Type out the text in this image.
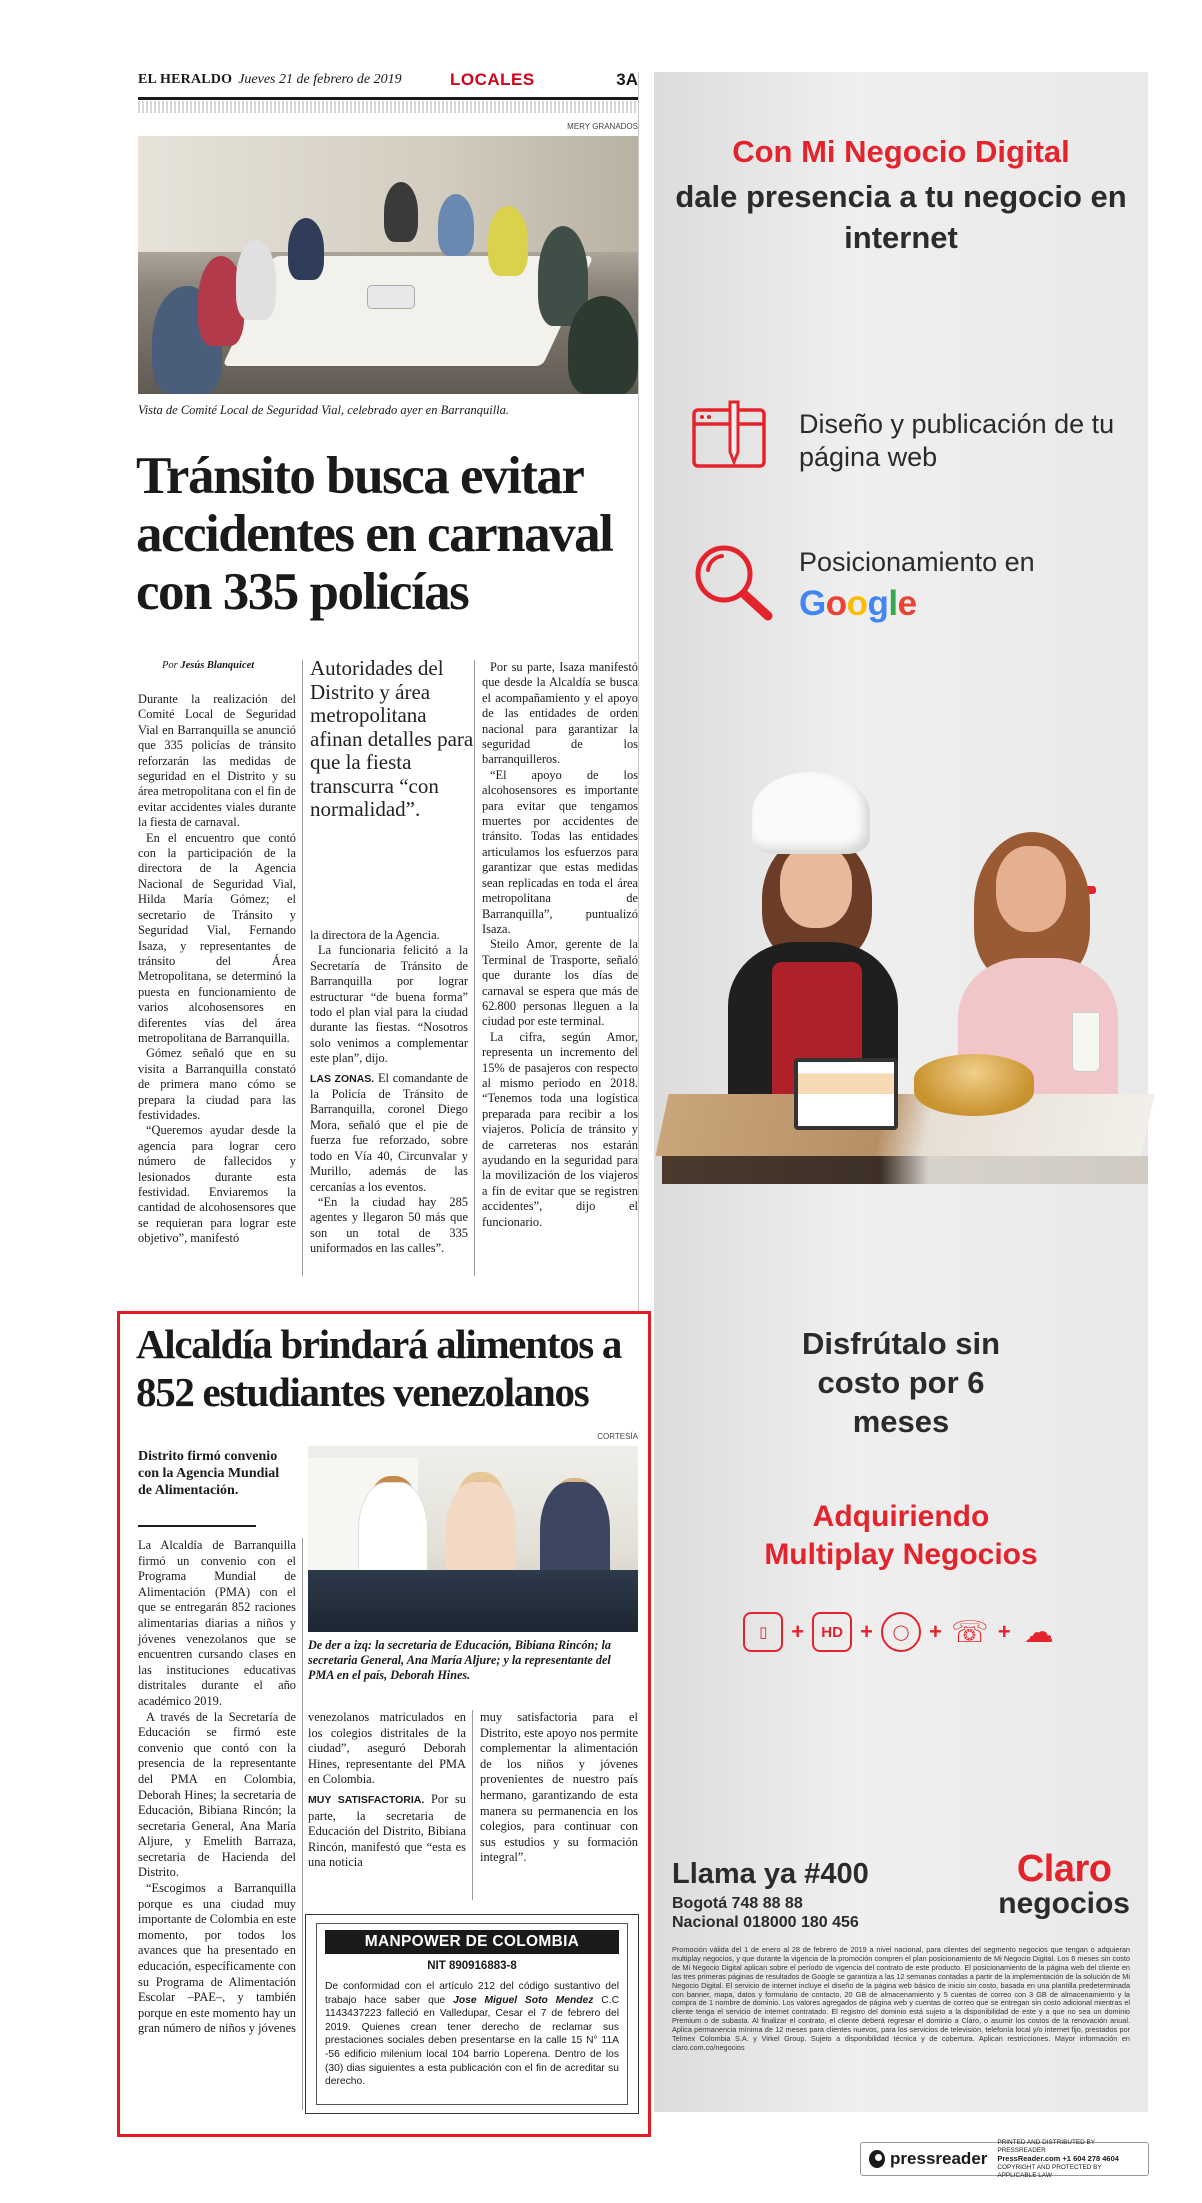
EL HERALDO Jueves 21 de febrero de 2019	LOCALES	3A
MERY GRANADOS
Vista de Comité Local de Seguridad Vial, celebrado ayer en Barranquilla.
Tránsito busca evitar accidentes en carnaval con 335 policías
Por Jesús Blanquicet

Durante la realización del Comité Local de Seguridad Vial en Barranquilla se anunció que 335 policías de tránsito reforzarán las medidas de seguridad en el Distrito y su área metropolitana con el fin de evitar accidentes viales durante la fiesta de carnaval.

En el encuentro que contó con la participación de la directora de la Agencia Nacional de Seguridad Vial, Hilda María Gómez; el secretario de Tránsito y Seguridad Vial, Fernando Isaza, y representantes de tránsito del Área Metropolitana, se determinó la puesta en funcionamiento de varios alcohosensores en diferentes vías del área metropolitana de Barranquilla.

Gómez señaló que en su visita a Barranquilla constató de primera mano cómo se prepara la ciudad para las festividades.

“Queremos ayudar desde la agencia para lograr cero número de fallecidos y lesionados durante esta festividad. Enviaremos la cantidad de alcohosensores que se requieran para lograr este objetivo”, manifestó

Autoridades del Distrito y área metropolitana afinan detalles para que la fiesta transcurra “con normalidad”.

la directora de la Agencia.

La funcionaria felicitó a la Secretaría de Tránsito de Barranquilla por lograr estructurar “de buena forma” todo el plan vial para la ciudad durante las fiestas. “Nosotros solo venimos a complementar este plan”, dijo.

LAS ZONAS. El comandante de la Policía de Tránsito de Barranquilla, coronel Diego Mora, señaló que el pie de fuerza fue reforzado, sobre todo en Vía 40, Circunvalar y Murillo, además de las cercanías a los eventos.

“En la ciudad hay 285 agentes y llegaron 50 más que son un total de 335 uniformados en las calles”.

Por su parte, Isaza manifestó que desde la Alcaldía se busca el acompañamiento y el apoyo de las entidades de orden nacional para garantizar la seguridad de los barranquilleros.

“El apoyo de los alcohosensores es importante para evitar que tengamos muertes por accidentes de tránsito. Todas las entidades articulamos los esfuerzos para garantizar que estas medidas sean replicadas en toda el área metropolitana de Barranquilla”, puntualizó Isaza.

Steilo Amor, gerente de la Terminal de Trasporte, señaló que durante los días de carnaval se espera que más de 62.800 personas lleguen a la ciudad por este terminal.

La cifra, según Amor, representa un incremento del 15% de pasajeros con respecto al mismo periodo en 2018. “Tenemos toda una logística preparada para recibir a los viajeros. Policía de tránsito y de carreteras nos estarán ayudando en la seguridad para la movilización de los viajeros a fin de evitar que se registren accidentes”, dijo el funcionario.

Alcaldía brindará alimentos a 852 estudiantes venezolanos
CORTESÍA
Distrito firmó convenio con la Agencia Mundial de Alimentación.
De der a izq: la secretaria de Educación, Bibiana Rincón; la secretaria General, Ana María Aljure; y la representante del PMA en el país, Deborah Hines.

La Alcaldía de Barranquilla firmó un convenio con el Programa Mundial de Alimentación (PMA) con el que se entregarán 852 raciones alimentarias diarias a niños y jóvenes venezolanos que se encuentren cursando clases en las instituciones educativas distritales durante el año académico 2019.

A través de la Secretaría de Educación se firmó este convenio que contó con la presencia de la representante del PMA en Colombia, Deborah Hines; la secretaria de Educación, Bibiana Rincón; la secretaria General, Ana María Aljure, y Emelith Barraza, secretaria de Hacienda del Distrito.

“Escogimos a Barranquilla porque es una ciudad muy importante de Colombia en este momento, por todos los avances que ha presentado en educación, específicamente con su Programa de Alimentación Escolar –PAE–, y también porque en este momento hay un gran número de niños y jóvenes

venezolanos matriculados en los colegios distritales de la ciudad”, aseguró Deborah Hines, representante del PMA en Colombia.

MUY SATISFACTORIA. Por su parte, la secretaria de Educación del Distrito, Bibiana Rincón, manifestó que “esta es una noticia

muy satisfactoria para el Distrito, este apoyo nos permite complementar la alimentación de los niños y jóvenes provenientes de nuestro país hermano, garantizando de esta manera su permanencia en los colegios, para continuar con sus estudios y su formación integral”.

MANPOWER DE COLOMBIA
NIT 890916883-8
De conformidad con el artículo 212 del código sustantivo del trabajo hace saber que Jose Miguel Soto Mendez C.C 1143437223 falleció en Valledupar, Cesar el 7 de febrero del 2019. Quienes crean tener derecho de reclamar sus prestaciones sociales deben presentarse en la calle 15 N° 11A -56 edificio milenium local 104 barrio Loperena. Dentro de los (30) dias siguientes a esta publicación con el fin de acreditar su derecho.
Con Mi Negocio Digital
dale presencia a tu negocio en internet
Diseño y publicación de tu página web
Posicionamiento en
Google
Disfrútalo sin costo por 6 meses
Adquiriendo Multiplay Negocios
▯	+	HD +	◯ + ☏ + ☁
Llama ya #400
Bogotá 748 88 88
Nacional 018000 180 456
Claro
negocios
Promoción válida del 1 de enero al 28 de febrero de 2019 a nivel nacional, para clientes del segmento negocios que tengan o adquieran multiplay negocios, y que durante la vigencia de la promoción compren el plan posicionamiento de Mi Negocio Digital. Los 6 meses sin costo de Mi Negocio Digital aplican sobre el período de vigencia del contrato de este producto. El posicionamiento de la página web del cliente en las tres primeras páginas de resultados de Google se garantiza a las 12 semanas contadas a partir de la implementación de la solución de Mi Negocio Digital. El servicio de internet incluye el diseño de la página web básico de inicio sin costo, basada en una plantilla predeterminada con banner, mapa, datos y formulario de contacto, 20 GB de almacenamiento y 5 cuentas de correo con 3 GB de almacenamiento y la compra de 1 nombre de dominio. Los valores agregados de página web y cuentas de correo que se entregan sin costo adicional mientras el cliente tenga el servicio de internet contratado. El registro del dominio está sujeto a la disponibilidad de este y a que no sea un dominio Premium o de subasta. Al finalizar el contrato, el cliente deberá regresar el dominio a Claro, o asumir los costos de la renovación anual. Aplica permanencia mínima de 12 meses para clientes nuevos, para los servicios de televisión, telefonía local y/o internet fijo, prestados por Telmex Colombia S.A. y Virkel Group. Sujeto a disponibilidad técnica y de cobertura. Aplican restricciones. Mayor información en claro.com.co/negocios
pressreader
PRINTED AND DISTRIBUTED BY PRESSREADER
PressReader.com +1 604 278 4604
COPYRIGHT AND PROTECTED BY APPLICABLE LAW
